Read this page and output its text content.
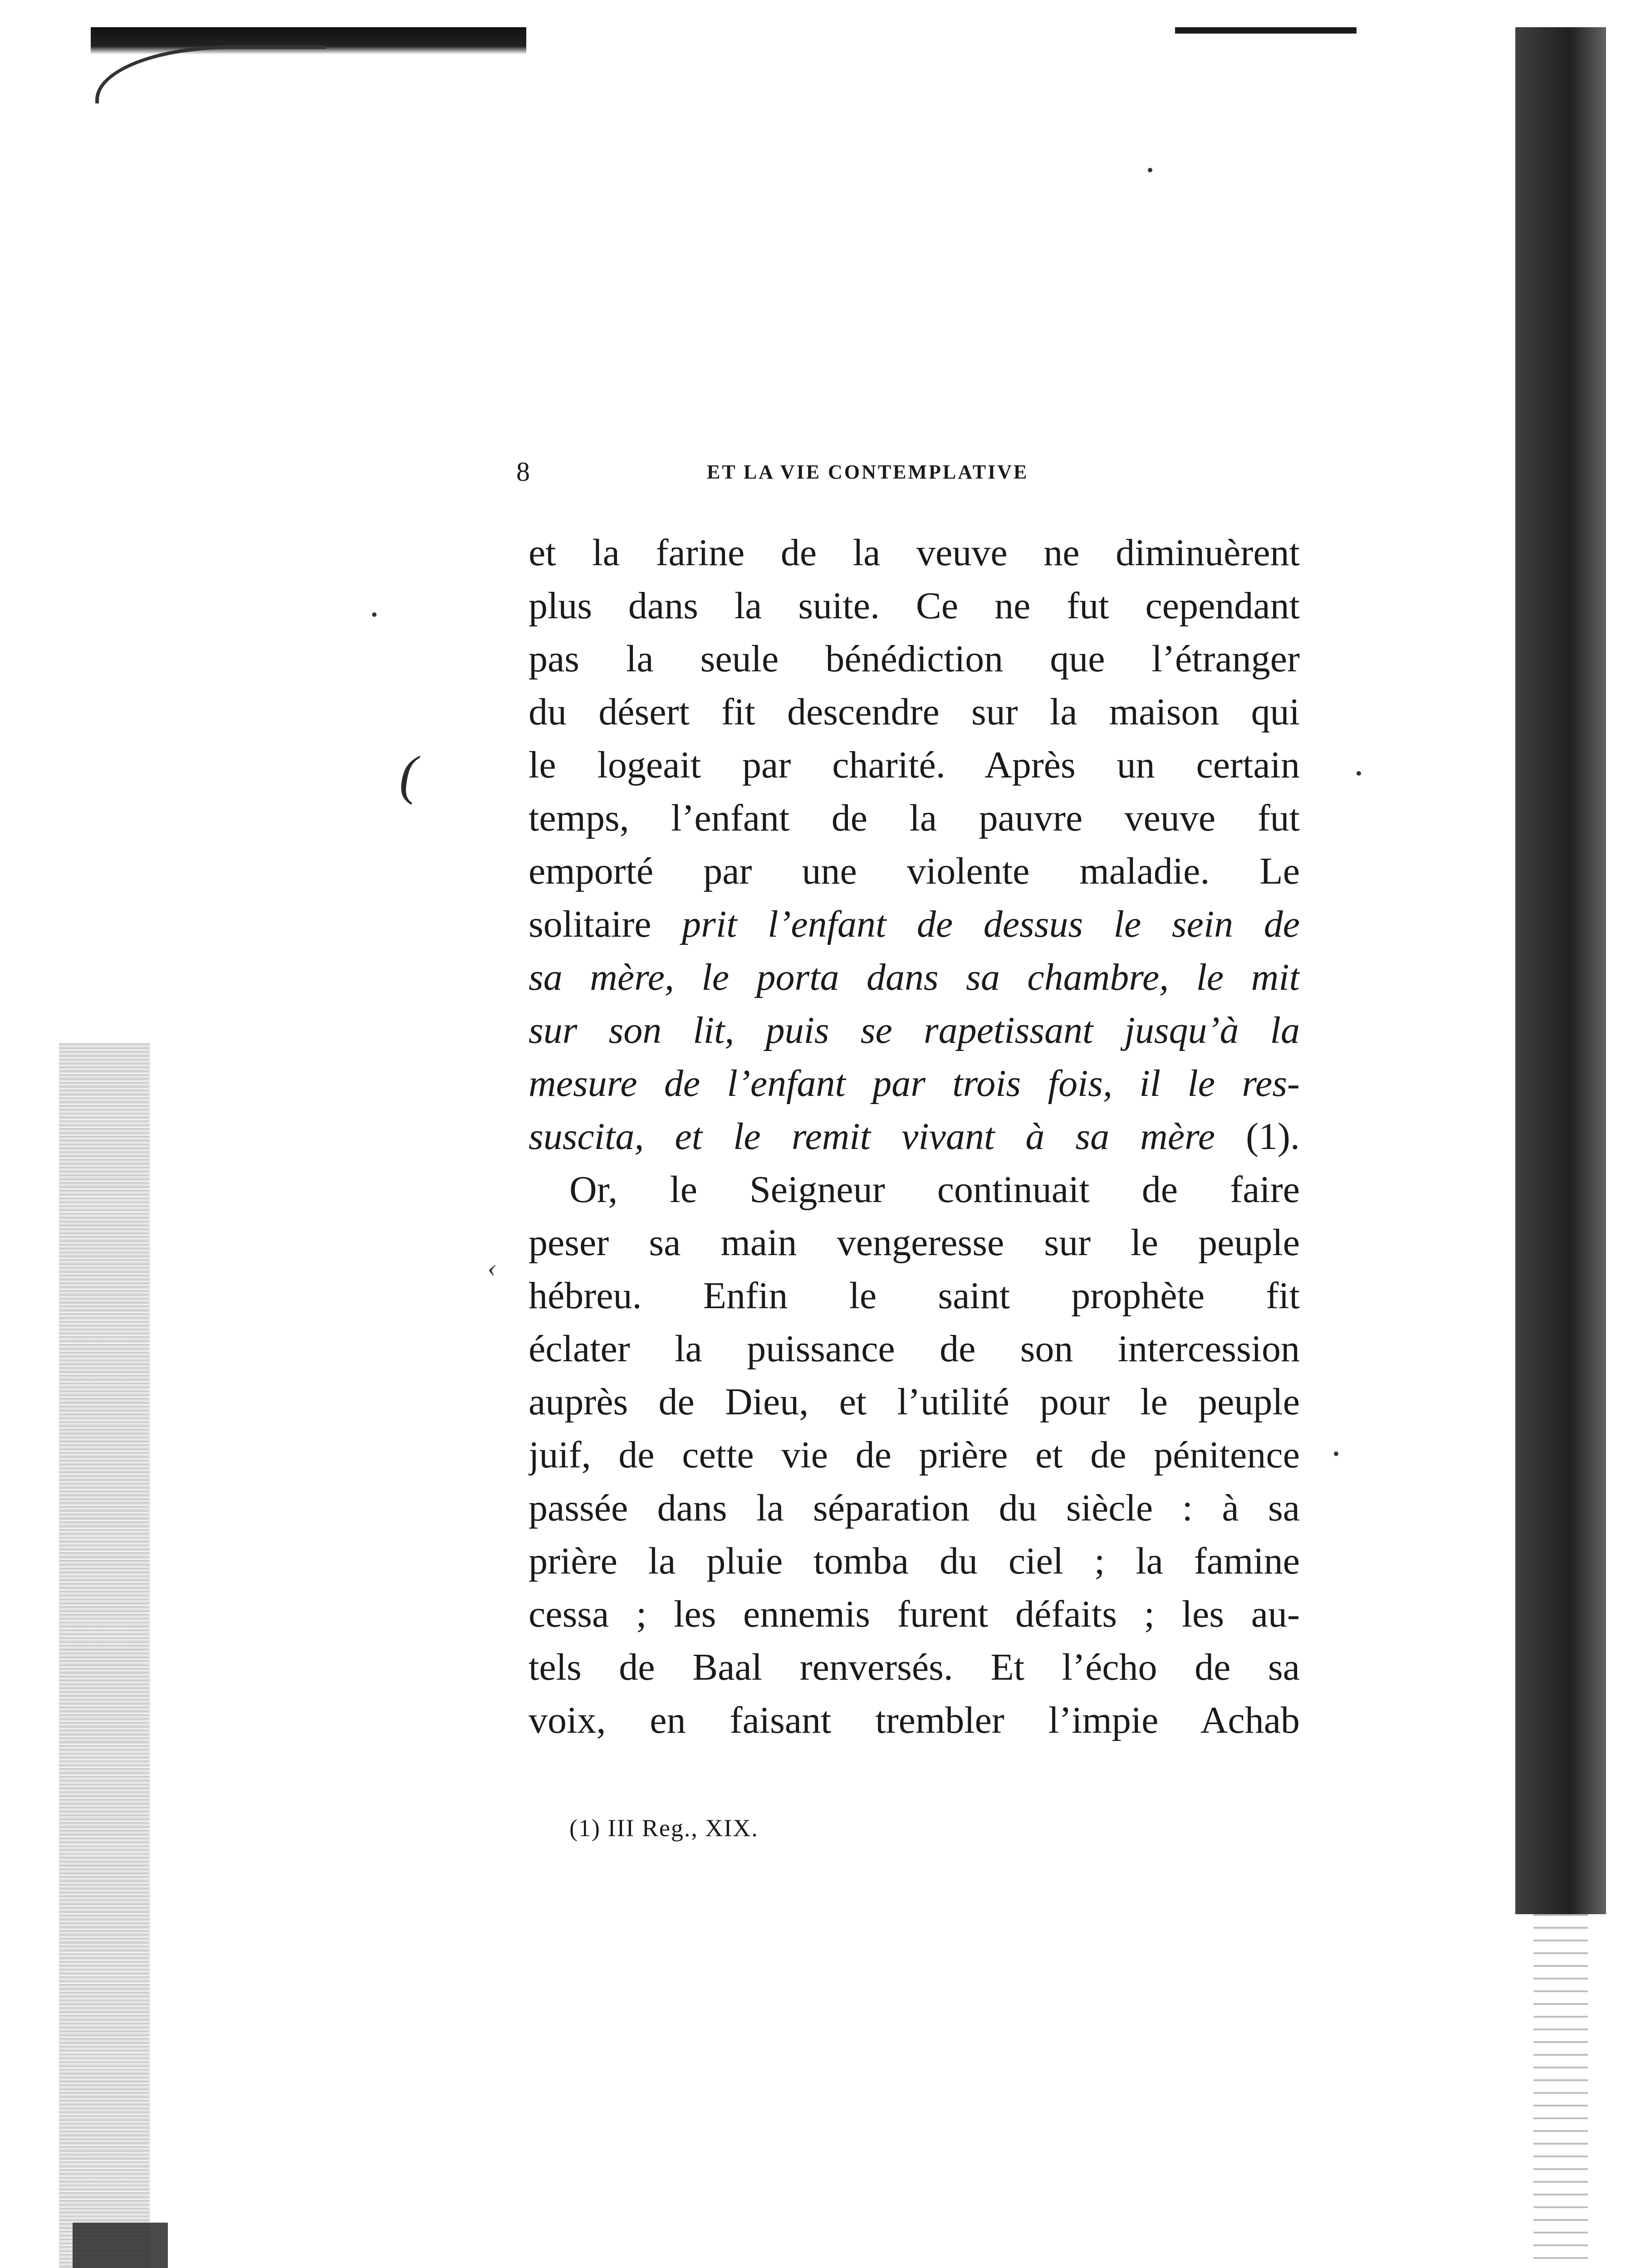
8	ET LA VIE CONTEMPLATIVE
(
‹
et la farine de la veuve ne diminuèrent
plus dans la suite. Ce ne fut cependant
pas la seule bénédiction que l’étranger
du désert fit descendre sur la maison qui
le logeait par charité. Après un certain
temps, l’enfant de la pauvre veuve fut
emporté par une violente maladie. Le
solitaire prit l’enfant de dessus le sein de
sa mère, le porta dans sa chambre, le mit
sur son lit, puis se rapetissant jusqu’à la
mesure de l’enfant par trois fois, il le res-
suscita, et le remit vivant à sa mère (1).
Or, le Seigneur continuait de faire
peser sa main vengeresse sur le peuple
hébreu. Enfin le saint prophète fit
éclater la puissance de son intercession
auprès de Dieu, et l’utilité pour le peuple
juif, de cette vie de prière et de pénitence
passée dans la séparation du siècle : à sa
prière la pluie tomba du ciel ; la famine
cessa ; les ennemis furent défaits ; les au-
tels de Baal renversés. Et l’écho de sa
voix, en faisant trembler l’impie Achab
(1) III Reg., XIX.
